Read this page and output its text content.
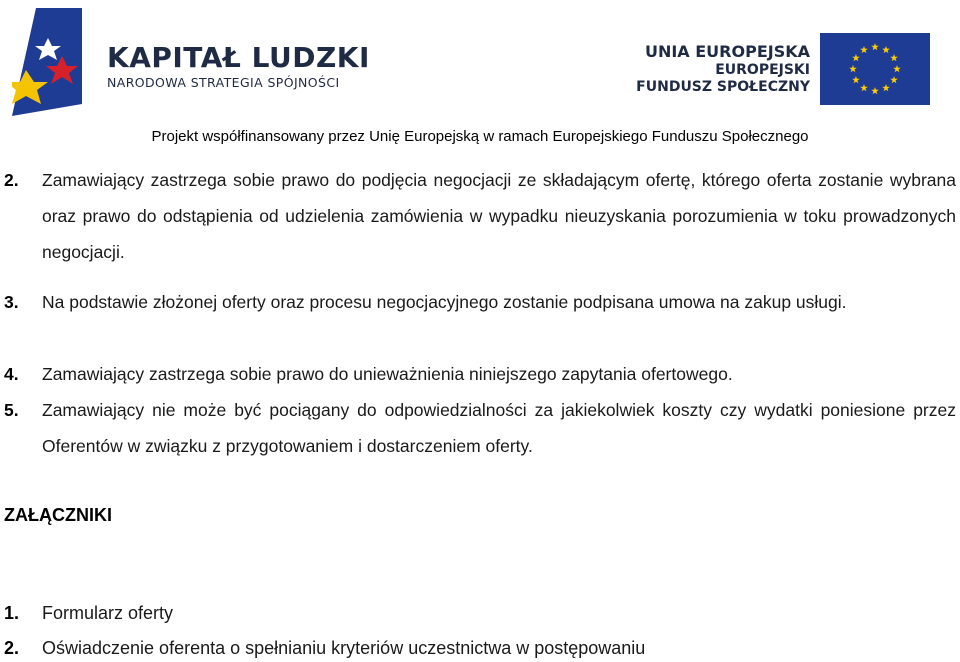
KAPITAŁ LUDZKI
NARODOWA STRATEGIA SPÓJNOŚCI
UNIA EUROPEJSKA
EUROPEJSKI
FUNDUSZ SPOŁECZNY
Projekt współfinansowany przez Unię Europejską w ramach Europejskiego Funduszu Społecznego
2. Zamawiający zastrzega sobie prawo do podjęcia negocjacji ze składającym ofertę, którego oferta zostanie wybrana oraz prawo do odstąpienia od udzielenia zamówienia w wypadku nieuzyskania porozumienia w toku prowadzonych negocjacji.
3. Na podstawie złożonej oferty oraz procesu negocjacyjnego zostanie podpisana umowa na zakup usługi.
4. Zamawiający zastrzega sobie prawo do unieważnienia niniejszego zapytania ofertowego.
5. Zamawiający nie może być pociągany do odpowiedzialności za jakiekolwiek koszty czy wydatki poniesione przez Oferentów w związku z przygotowaniem i dostarczeniem oferty.
ZAŁĄCZNIKI
1. Formularz oferty
2. Oświadczenie oferenta o spełnianiu kryteriów uczestnictwa w postępowaniu
